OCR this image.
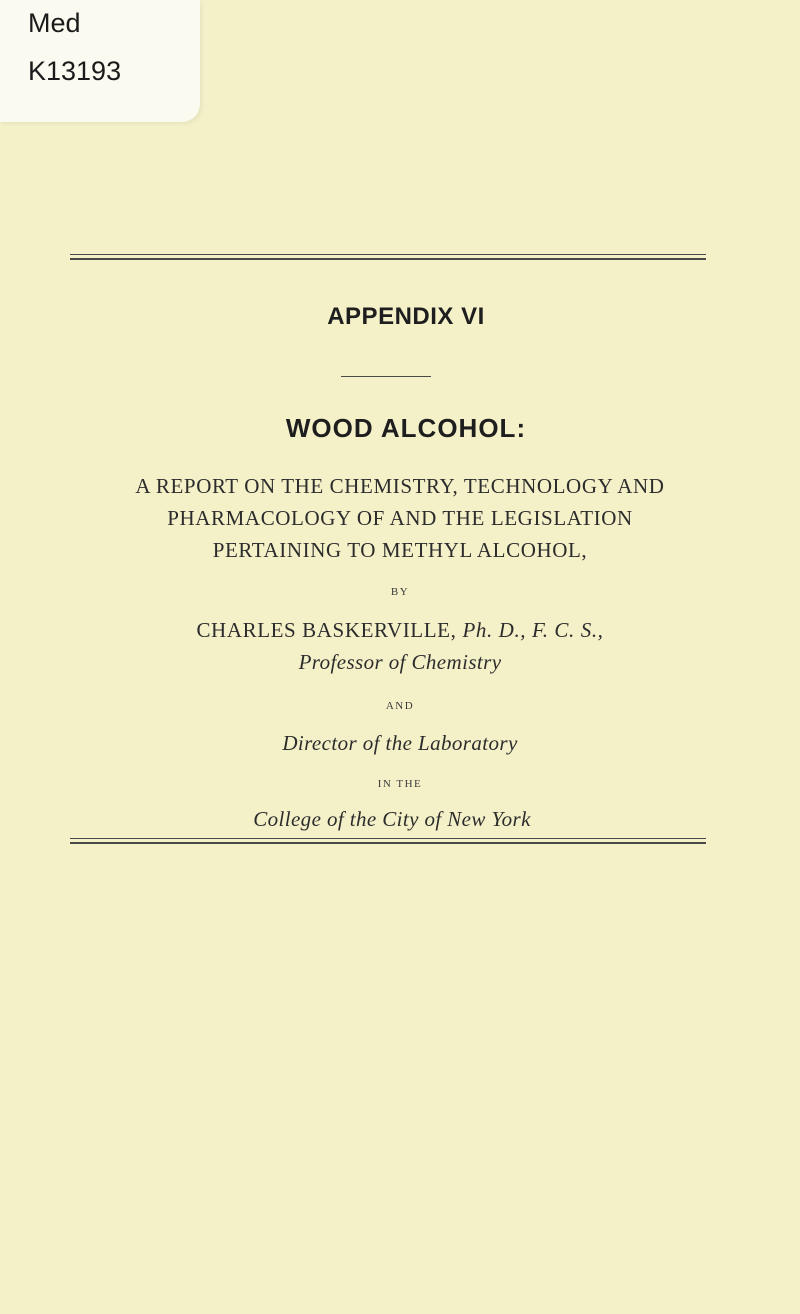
Med
K13193
APPENDIX VI
WOOD ALCOHOL:
A REPORT ON THE CHEMISTRY, TECHNOLOGY AND
PHARMACOLOGY OF AND THE LEGISLATION
PERTAINING TO METHYL ALCOHOL,
BY
CHARLES BASKERVILLE, Ph. D., F. C. S.,
Professor of Chemistry
AND
Director of the Laboratory
IN THE
College of the City of New York
